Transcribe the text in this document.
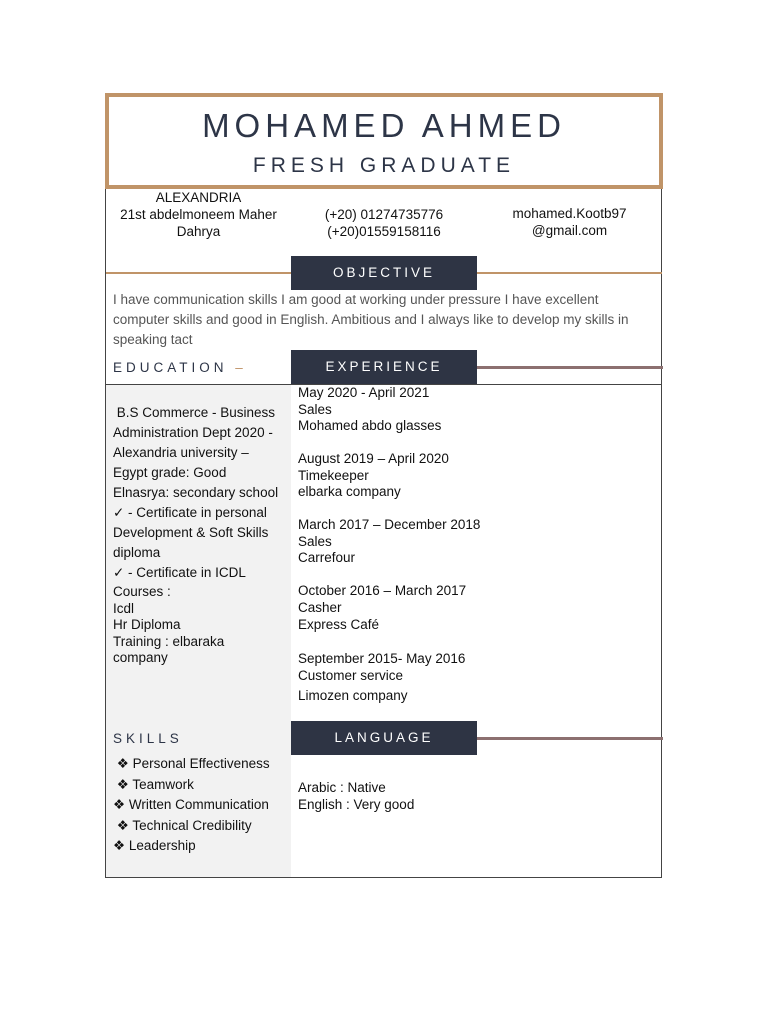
MOHAMED AHMED
FRESH GRADUATE
ALEXANDRIA
21st abdelmoneem Maher
Dahrya
(+20) 01274735776
(+20)01559158116
mohamed.Kootb97
@gmail.com
OBJECTIVE
I have communication skills I am good at working under pressure I have excellent computer skills and good in English. Ambitious and I always like to develop my skills in speaking tact
EDUCATION –	EXPERIENCE
B.S Commerce - Business
Administration Dept 2020 -
Alexandria university –
Egypt grade: Good
Elnasrya: secondary school
✓ - Certificate in personal
Development & Soft Skills
diploma
✓ - Certificate in ICDL
Courses :
Icdl
Hr Diploma
Training : elbaraka
company
May 2020 - April 2021
Sales
Mohamed abdo glasses
August 2019 – April 2020
Timekeeper
elbarka company
March 2017 – December 2018
Sales
Carrefour
October 2016 – March 2017
Casher
Express Café
September 2015- May 2016
Customer service
Limozen company
SKILLS	LANGUAGE
❖ Personal Effectiveness
❖ Teamwork
❖ Written Communication
❖ Technical Credibility
❖ Leadership
Arabic : Native
English : Very good
